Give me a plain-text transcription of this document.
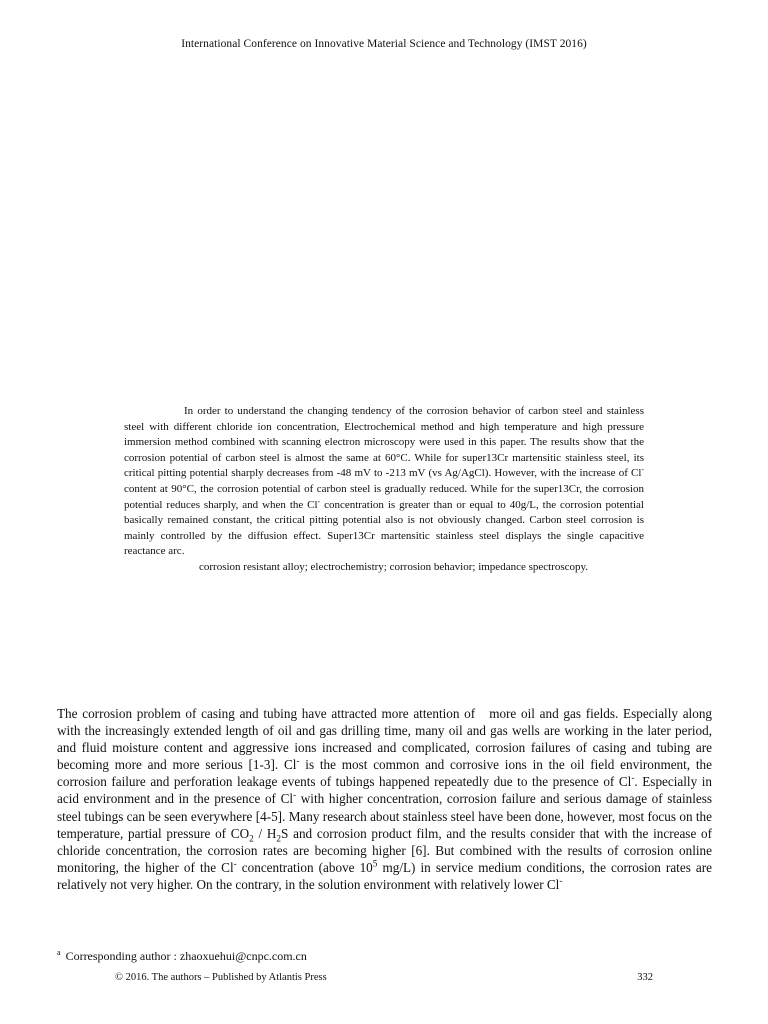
International Conference on Innovative Material Science and Technology (IMST 2016)

In order to understand the changing tendency of the corrosion behavior of carbon steel and stainless steel with different chloride ion concentration, Electrochemical method and high temperature and high pressure immersion method combined with scanning electron microscopy were used in this paper. The results show that the corrosion potential of carbon steel is almost the same at 60°C. While for super13Cr martensitic stainless steel, its critical pitting potential sharply decreases from -48 mV to -213 mV (vs Ag/AgCl). However, with the increase of Cl- content at 90°C, the corrosion potential of carbon steel is gradually reduced. While for the super13Cr, the corrosion potential reduces sharply, and when the Cl- concentration is greater than or equal to 40g/L, the corrosion potential basically remained constant, the critical pitting potential also is not obviously changed. Carbon steel corrosion is mainly controlled by the diffusion effect. Super13Cr martensitic stainless steel displays the single capacitive reactance arc.

corrosion resistant alloy; electrochemistry; corrosion behavior; impedance spectroscopy.

The corrosion problem of casing and tubing have attracted more attention of more oil and gas fields. Especially along with the increasingly extended length of oil and gas drilling time, many oil and gas wells are working in the later period, and fluid moisture content and aggressive ions increased and complicated, corrosion failures of casing and tubing are becoming more and more serious [1-3]. Cl- is the most common and corrosive ions in the oil field environment, the corrosion failure and perforation leakage events of tubings happened repeatedly due to the presence of Cl-. Especially in acid environment and in the presence of Cl- with higher concentration, corrosion failure and serious damage of stainless steel tubings can be seen everywhere [4-5]. Many research about stainless steel have been done, however, most focus on the temperature, partial pressure of $CO_2 / H_2S$ and corrosion product film, and the results consider that with the increase of chloride concentration, the corrosion rates are becoming higher [6]. But combined with the results of corrosion online monitoring, the higher of the Cl- concentration (above $10^5$ mg/L) in service medium conditions, the corrosion rates are relatively not very higher. On the contrary, in the solution environment with relatively lower Cl-

$^a$ Corresponding author : zhaoxuehui@cnpc.com.cn
© 2016. The authors – Published by Atlantis Press	332
